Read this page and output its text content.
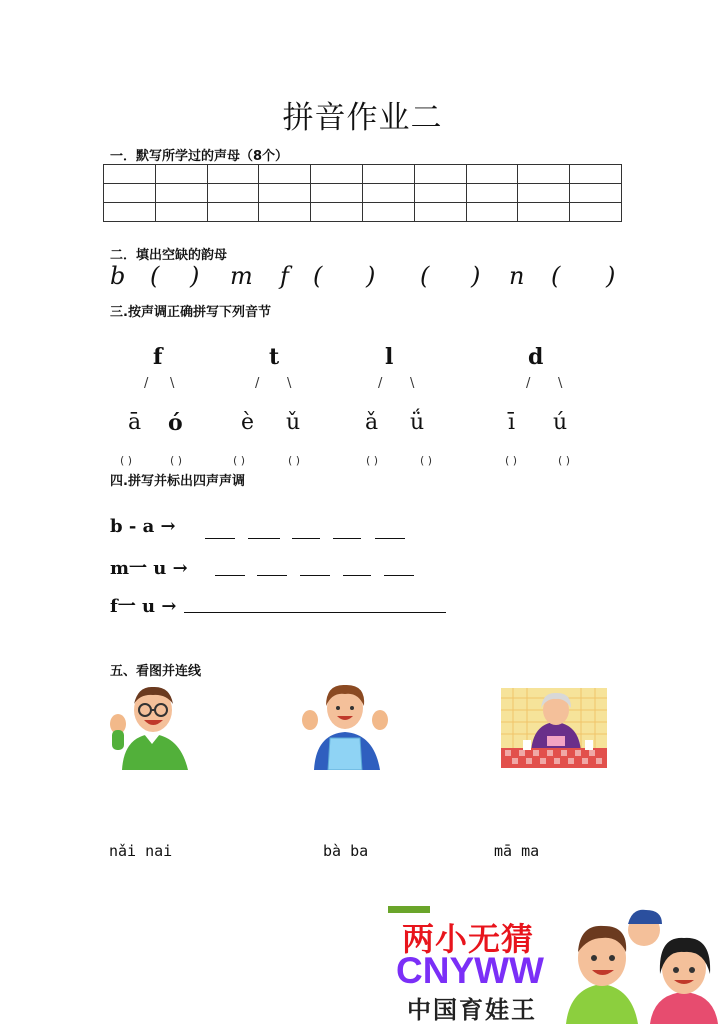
拼音作业二
一．默写所学过的声母（8个）

二．填出空缺的韵母
b ( ) m f ( ) ( ) n ( )
三.按声调正确拼写下列音节
f
/ \
ā ó
( )	( )
t
/ \
è ǔ
( )	( )
l
/ \
ǎ ǘ
( )	( )
d
/ \
ī ú
( )	( )
四.拼写并标出四声声调
b - a →
m一 u →
f一 u →
五、看图并连线
nǎi nai	bà ba	mā ma
两小无猜
CNYWW
中国育娃王
